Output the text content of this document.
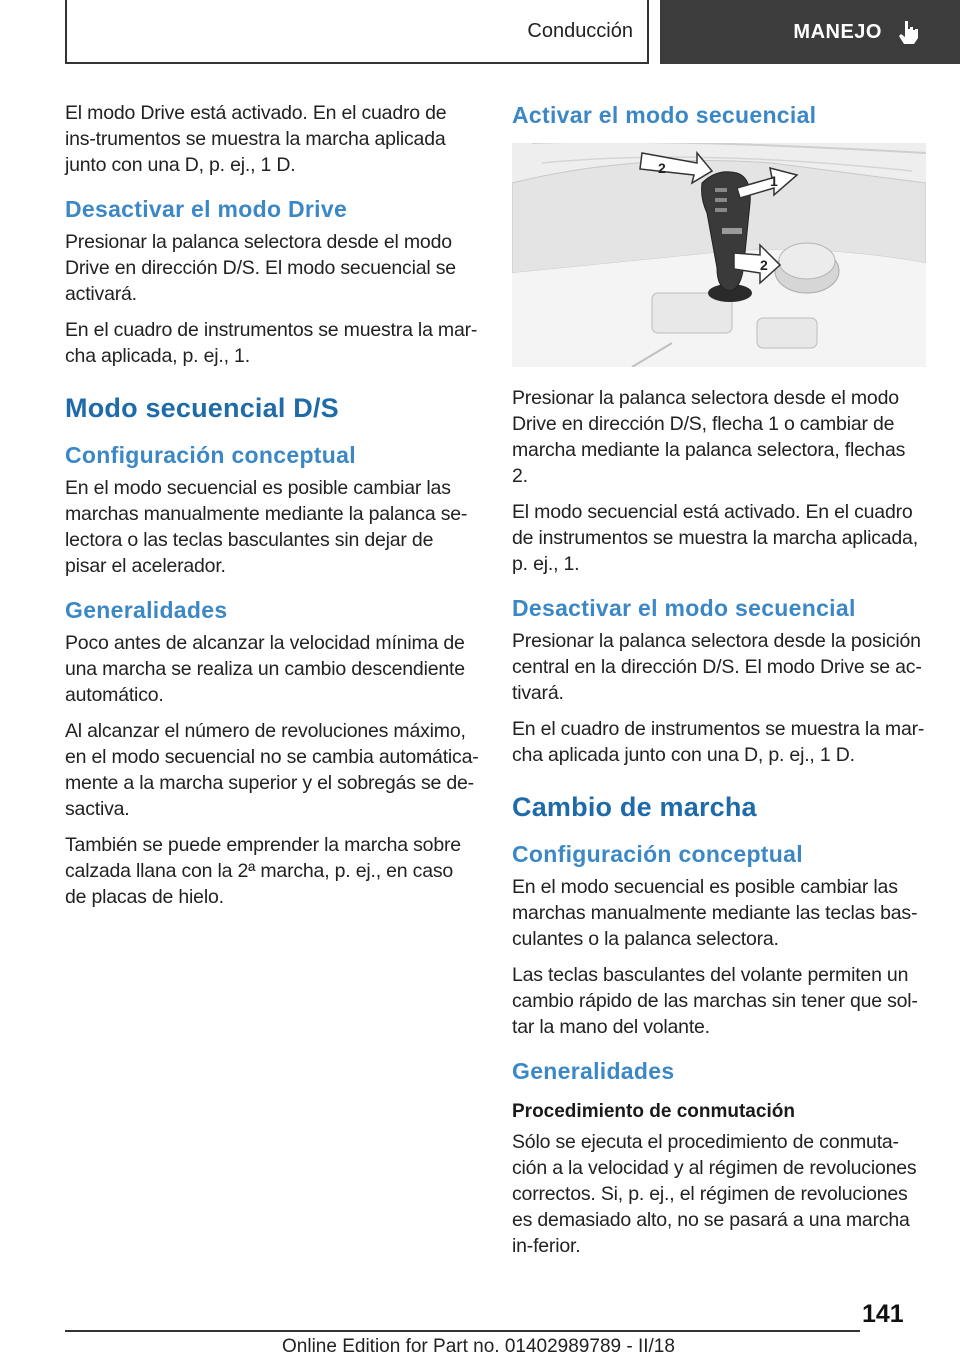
Conducción	MANEJO

El modo Drive está activado. En el cuadro de ins-trumentos se muestra la marcha aplicada junto con una D, p. ej., 1 D.

Desactivar el modo Drive

Presionar la palanca selectora desde el modo Drive en dirección D/S. El modo secuencial se activará.

En el cuadro de instrumentos se muestra la mar-cha aplicada, p. ej., 1.

Modo secuencial D/S
Configuración conceptual

En el modo secuencial es posible cambiar las marchas manualmente mediante la palanca se-lectora o las teclas basculantes sin dejar de pisar el acelerador.

Generalidades

Poco antes de alcanzar la velocidad mínima de una marcha se realiza un cambio descendiente automático.

Al alcanzar el número de revoluciones máximo, en el modo secuencial no se cambia automática-mente a la marcha superior y el sobregás se de-sactiva.

También se puede emprender la marcha sobre calzada llana con la 2ª marcha, p. ej., en caso de placas de hielo.

Activar el modo secuencial
2
1
2

Presionar la palanca selectora desde el modo Drive en dirección D/S, flecha 1 o cambiar de marcha mediante la palanca selectora, flechas 2.

El modo secuencial está activado. En el cuadro de instrumentos se muestra la marcha aplicada, p. ej., 1.

Desactivar el modo secuencial

Presionar la palanca selectora desde la posición central en la dirección D/S. El modo Drive se ac-tivará.

En el cuadro de instrumentos se muestra la mar-cha aplicada junto con una D, p. ej., 1 D.

Cambio de marcha
Configuración conceptual

En el modo secuencial es posible cambiar las marchas manualmente mediante las teclas bas-culantes o la palanca selectora.

Las teclas basculantes del volante permiten un cambio rápido de las marchas sin tener que sol-tar la mano del volante.

Generalidades
Procedimiento de conmutación

Sólo se ejecuta el procedimiento de conmuta-ción a la velocidad y al régimen de revoluciones correctos. Si, p. ej., el régimen de revoluciones es demasiado alto, no se pasará a una marcha in-ferior.

141
Online Edition for Part no. 01402989789 - II/18
